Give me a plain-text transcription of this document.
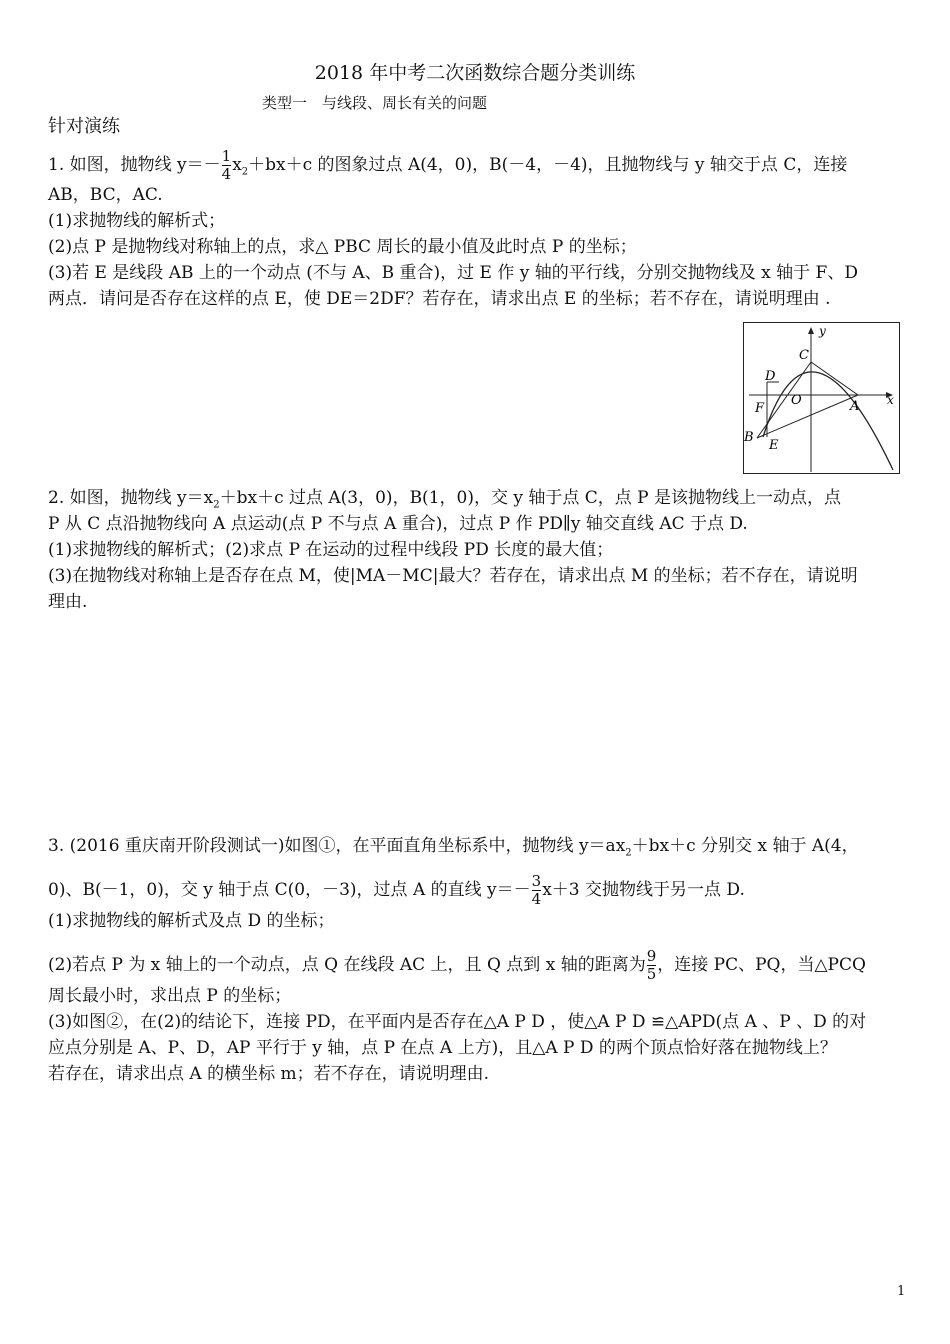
2018 年中考二次函数综合题分类训练
类型一　与线段、周长有关的问题
针对演练
1. 如图，抛物线 $y=- \frac{1}{4} x_2+bx+c$ 的图象过点 A(4，0)，B(－4，－4)，且抛物线与 y 轴交于点 C，连接
AB，BC，AC.
(1)求抛物线的解析式；
(2)点 P 是抛物线对称轴上的点，求△ PBC 周长的最小值及此时点 P 的坐标；
(3)若 E 是线段 AB 上的一个动点 (不与 A、B 重合)，过 E 作 y 轴的平行线，分别交抛物线及 x 轴于 F、D
两点．请问是否存在这样的点 E，使 DE＝2DF？若存在，请求出点 E 的坐标；若不存在，请说明理由 .
C
y
x
D
O	A
F
B
E
2. 如图，抛物线 $y=x_2+bx+c$ 过点 A(3，0)，B(1，0)，交 y 轴于点 C，点 P 是该抛物线上一动点，点
P 从 C 点沿抛物线向 A 点运动(点 P 不与点 A 重合)，过点 P 作 PD∥y 轴交直线 AC 于点 D.
(1)求抛物线的解析式；(2)求点 P 在运动的过程中线段 PD 长度的最大值；
(3)在抛物线对称轴上是否存在点 M，使|MA－MC|最大？若存在，请求出点 M 的坐标；若不存在，请说明
理由.
3. (2016 重庆南开阶段测试一)如图①，在平面直角坐标系中，抛物线 $y=ax_2+bx+c$ 分别交 x 轴于 A(4，
0)、B(－1，0)，交 y 轴于点 C(0，－3)，过点 A 的直线 $y=- \frac{3}{4} x+3$ 交抛物线于另一点 D.
(1)求抛物线的解析式及点 D 的坐标；
(2)若点 P 为 x 轴上的一个动点，点 Q 在线段 AC 上，且 Q 点到 x 轴的距离为 $\frac{9}{5}$ ，连接 PC、PQ，当△PCQ
周长最小时，求出点 P 的坐标；
(3)如图②，在(2)的结论下，连接 PD，在平面内是否存在△A P D ，使△A P D ≌△APD(点 A 、P 、D 的对
应点分别是 A、P、D，AP 平行于 y 轴，点 P 在点 A 上方)，且△A P D 的两个顶点恰好落在抛物线上？
若存在，请求出点 A 的横坐标 m；若不存在，请说明理由.
1
